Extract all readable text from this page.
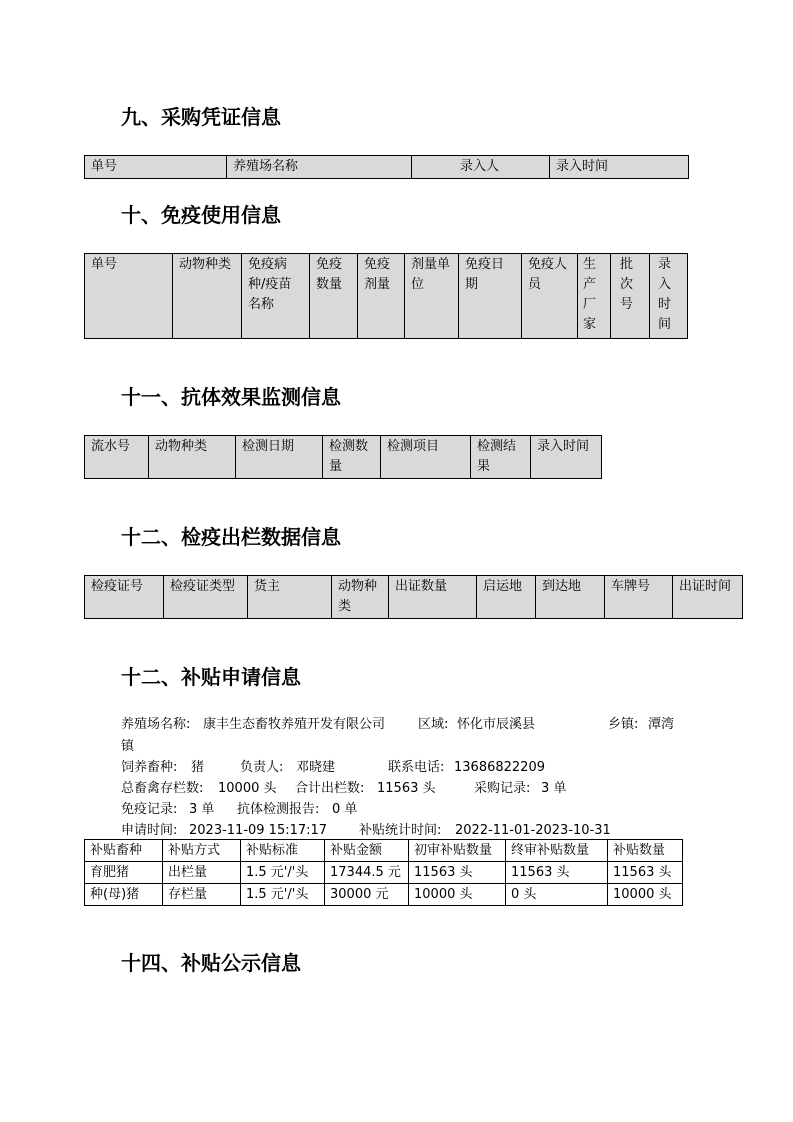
九、采购凭证信息
单号	养殖场名称	录入人	录入时间
十、免疫使用信息
单号	动物种类	免疫病种/疫苗名称	免疫数量	免疫剂量	剂量单位	免疫日期	免疫人员	生产厂家	批次号	录入时间
十一、抗体效果监测信息
流水号	动物种类	检测日期	检测数量	检测项目	检测结果	录入时间
十二、检疫出栏数据信息
检疫证号	检疫证类型	货主	动物种类	出证数量	启运地	到达地	车牌号	出证时间
十二、补贴申请信息
养殖场名称: 康丰生态畜牧养殖开发有限公司	区域: 怀化市辰溪县	乡镇: 潭湾
镇
饲养畜种: 猪	负责人: 邓晓建	联系电话: 13686822209
总畜禽存栏数: 10000 头 合计出栏数: 11563 头	采购记录: 3 单
免疫记录: 3 单 抗体检测报告: 0 单
申请时间: 2023-11-09 15:17:17 补贴统计时间: 2022-11-01-2023-10-31
补贴畜种	补贴方式	补贴标准	补贴金额	初审补贴数量	终审补贴数量	补贴数量
育肥猪	出栏量	1.5 元'/'头	17344.5 元	11563 头	11563 头	11563 头
种(母)猪	存栏量	1.5 元'/'头	30000 元	10000 头	0 头	10000 头
十四、补贴公示信息
